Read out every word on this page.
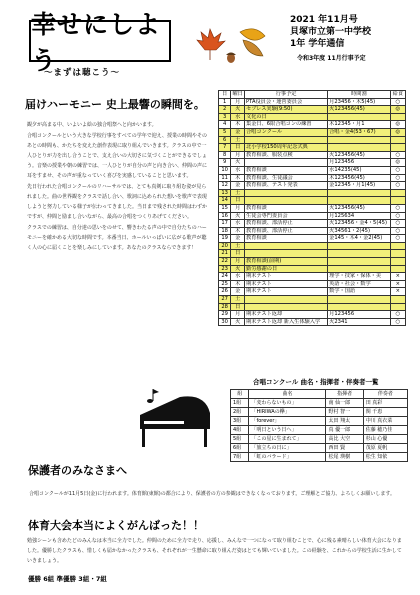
幸せにしよう
〜まずは聴こう〜
2021 年11月号
貝塚市立第一中学校
1年 学年通信
令和3年度 11月行事予定
届けハーモニー 史上最響の瞬間を。

観夕が高まる中、いよいよ絵の独合唱祭へと向かいます。

合唱コンクールという大きな学校行事をすべての学年で迎え、授業の時間やそのあとの時間も、かたちを変えた創作表現に取り組んでいきます。クラスの中で一人ひとりが力を出し合うことで、支え合いの大切さに気づくことができるでしょう。音楽の授業や朝の練習では、一人ひとりが自分の声と向き合い、仲間の声に耳をすませ、その声が重なっていく喜びを実感していることと思います。

先日行われた合唱コンクールのリハーサルでは、とても真剣に取り組む姿が見られました。曲の世界観をクラスで話し合い、歌詞に込められた想いを歌声で表現しようと努力している様子が伝わってきました。当日まで残された時間はわずかですが、仲間と励まし合いながら、最高の合唱をつくりあげてください。

クラスでの練習は、自分達の思いをのせて、響きわたる声の中で自分たちのハーモニーを確かめる大切な時間です。本番当日、ホールいっぱいに広がる歌声が聴く人の心に届くことを楽しみにしています。あなたのクラスならできます！

日	曜日	行事予定	時間割	給食
1	月	PTA役員会・運営委員会	月23456・木5(45)	○
2	火	セブレス実験(9:50)	火123456(45)	◎
3	水	文化の日		
4	木	集金日、6限合唱コンの練習	木12345・月1	◎
5	金	合唱コンクール	合唱・金4(53・67)	◎
6	土			
7	日	北小学校150周年記念式典		
8	月	教育相談、服装点検	火123456(45)	○
9	火		月123456	◎
10	水	教育相談	水14235(45)	○
11	木	教育相談、生徒議会	木123456(45)	○
12	金	教育相談、テスト発表	金12345・月1(45)	○
13	土			
14	日			
15	月	教育相談	火123456(45)	○
16	火	生徒会専門委員会	月125634	○
17	水	教育相談、部活停止	火123456・金4・5(45)	○
18	木	教育相談、部活停止	火34561・2(45)	○
19	金	教育相談	金145・木4・金2(45)	○
20	土			
21	日			
22	月	教育相談(前期)		
23	火	勤労感謝の日		
24	水	期末テスト	理学・技家・保体・美	×
25	木	期末テスト	英語・社会・数学	×
26	金	期末テスト	数学・国語	×
27	土			
28	日			
29	月	期末テスト返却	月123456	○
30	火	期末テスト返却 新入生体験入学	火2341	○
合唱コンクール 曲名・指揮者・伴奏者一覧
組	曲名	指揮者	伴奏者
1組	「変わらないもの」	南 仙一郎	田 真彩
2組	「HIRIWAの欅」	野村 智一	関 千恵
3組	「forever」	太田 翔太	中川 真衣菜
4組	「明日という日へ」	真 優一郎	佐藤 穂乃佳
5組	「この星に生まれて」	高比 大空	杉山 心優
6組	「旅立ちの日に」	西田 賢	茂原 夏帆
7組	「虹のバラード」	松尾 瑛樹	松生 知依
保護者のみなさまへ
合唱コンクールが11月5日(金)に行われます。体育館(東館)の都合により、保護者の方の参観はできなくなっております。ご理解とご協力、よろしくお願いします。
体育大会本当によくがんばった！！
勉強シーンも含めたどのみんなは本当に全力でした。仲間のために全力で走り、応援し、みんなで一つになって取り組むことで、心に残る素晴らしい体育大会になりました。優勝したクラスも、惜しくも届かなかったクラスも、それぞれが一生懸命に取り組んだ姿はとても輝いていました。この経験を、これからの学校生活に生かしていきましょう。
優勝 6組 準優勝 3組・7組
